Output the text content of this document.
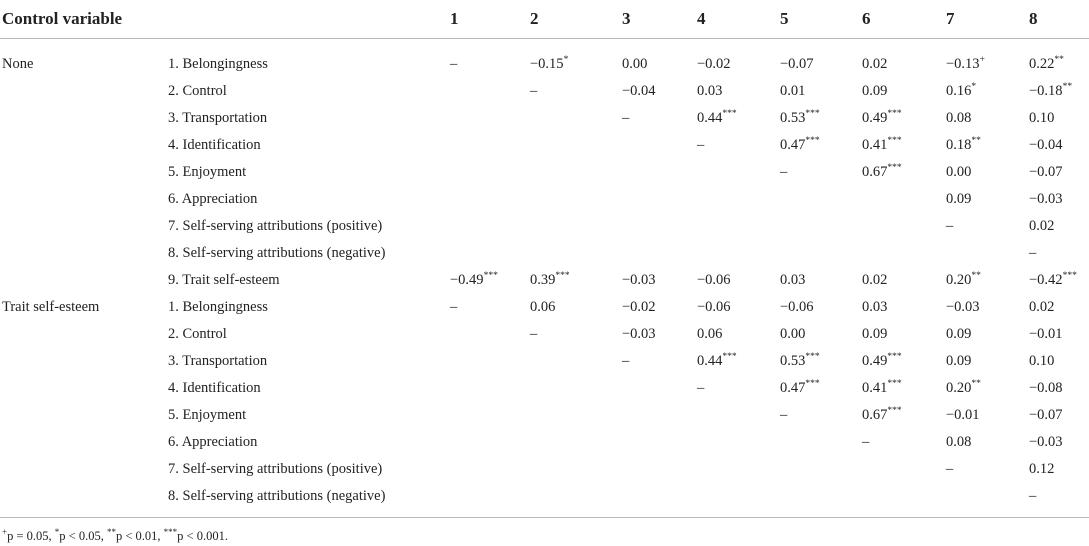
Control variable		1	2	3	4	5	6	7	8
None	1. Belongingness	–	−0.15*	0.00	−0.02	−0.07	0.02	−0.13+	0.22**
	2. Control		–	−0.04	0.03	0.01	0.09	0.16*	−0.18**
	3. Transportation			–	0.44***	0.53***	0.49***	0.08	0.10
	4. Identification				–	0.47***	0.41***	0.18**	−0.04
	5. Enjoyment					–	0.67***	0.00	−0.07
	6. Appreciation							0.09	−0.03
	7. Self-serving attributions (positive)							–	0.02
	8. Self-serving attributions (negative)								–
	9. Trait self-esteem	−0.49***	0.39***	−0.03	−0.06	0.03	0.02	0.20**	−0.42***
Trait self-esteem	1. Belongingness	–	0.06	−0.02	−0.06	−0.06	0.03	−0.03	0.02
	2. Control		–	−0.03	0.06	0.00	0.09	0.09	−0.01
	3. Transportation			–	0.44***	0.53***	0.49***	0.09	0.10
	4. Identification				–	0.47***	0.41***	0.20**	−0.08
	5. Enjoyment					–	0.67***	−0.01	−0.07
	6. Appreciation						–	0.08	−0.03
	7. Self-serving attributions (positive)							–	0.12
	8. Self-serving attributions (negative)								–
+p = 0.05, *p < 0.05, **p < 0.01, ***p < 0.001.
